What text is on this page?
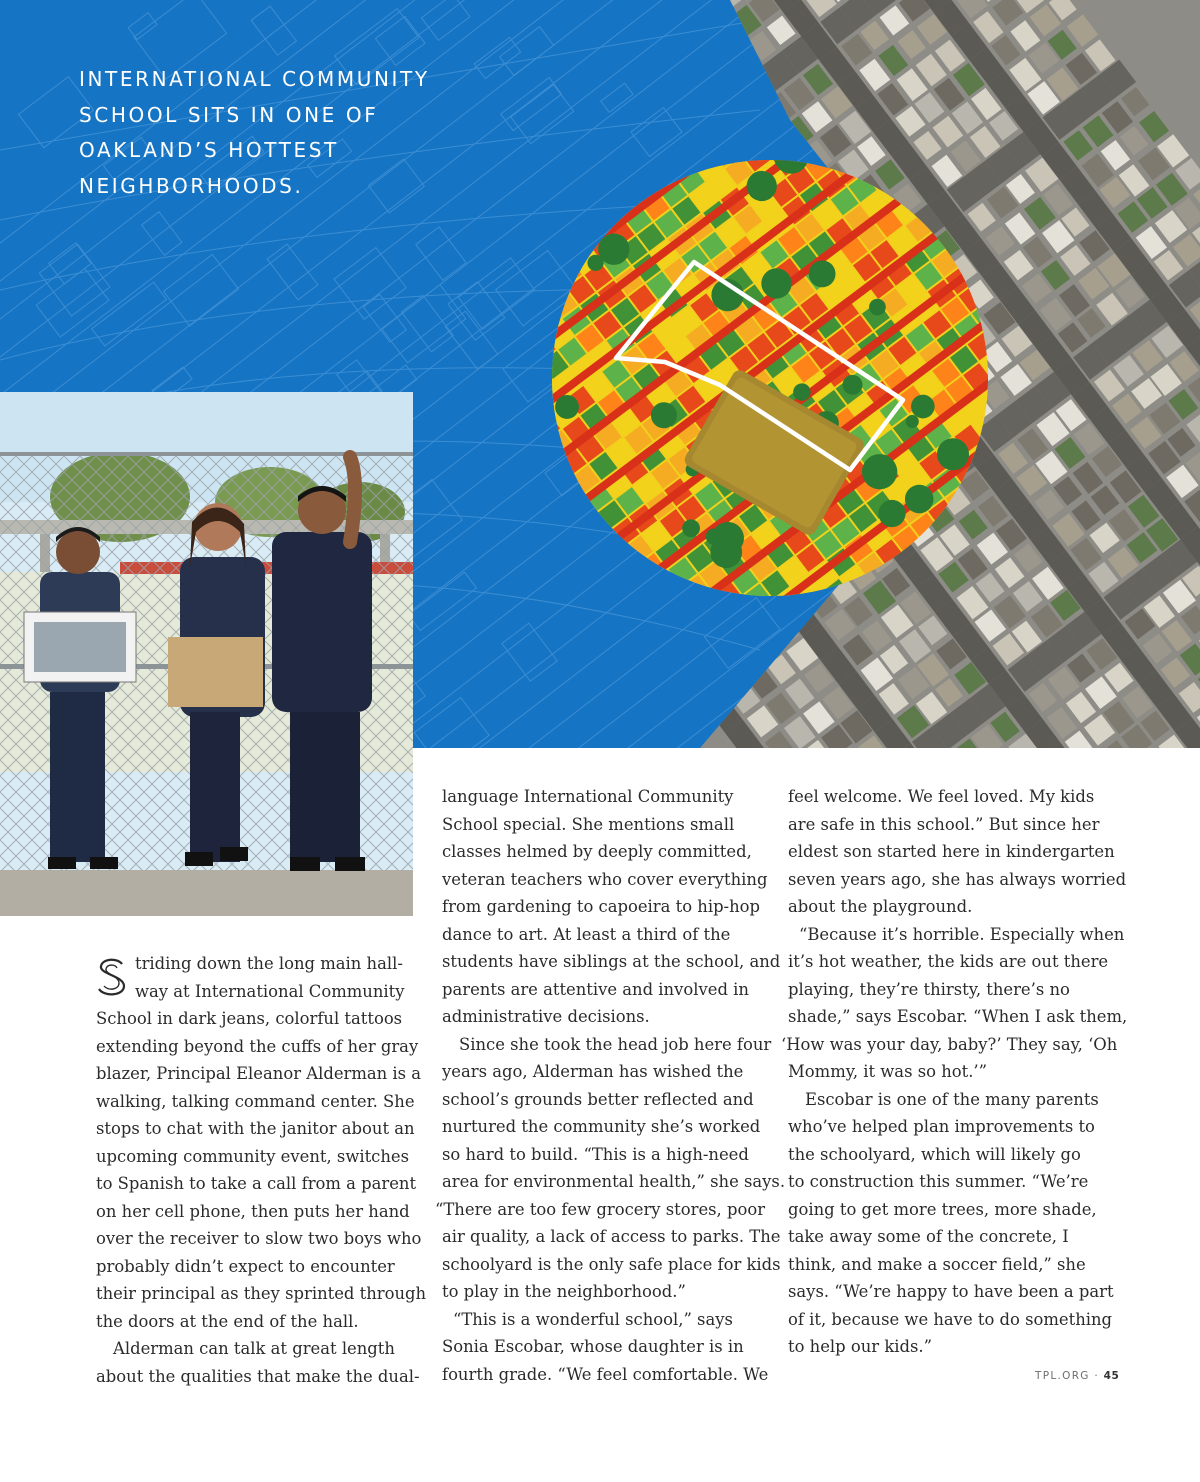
INTERNATIONAL COMMUNITY
SCHOOL SITS IN ONE OF
OAKLAND’S HOTTEST
NEIGHBORHOODS.

triding down the long main hall-
way at International Community
School in dark jeans, colorful tattoos
extending beyond the cuffs of her gray
blazer, Principal Eleanor Alderman is a
walking, talking command center. She
stops to chat with the janitor about an
upcoming community event, switches
to Spanish to take a call from a parent
on her cell phone, then puts her hand
over the receiver to slow two boys who
probably didn’t expect to encounter
their principal as they sprinted through
the doors at the end of the hall.

Alderman can talk at great length
about the qualities that make the dual-

language International Community
School special. She mentions small
classes helmed by deeply committed,
veteran teachers who cover everything
from gardening to capoeira to hip-hop
dance to art. At least a third of the
students have siblings at the school, and
parents are attentive and involved in
administrative decisions.

Since she took the head job here four
years ago, Alderman has wished the
school’s grounds better reflected and
nurtured the community she’s worked
so hard to build. “This is a high-need
area for environmental health,” she says.
“There are too few grocery stores, poor
air quality, a lack of access to parks. The
schoolyard is the only safe place for kids
to play in the neighborhood.”

“This is a wonderful school,” says
Sonia Escobar, whose daughter is in
fourth grade. “We feel comfortable. We

feel welcome. We feel loved. My kids
are safe in this school.” But since her
eldest son started here in kindergarten
seven years ago, she has always worried
about the playground.

“Because it’s horrible. Especially when
it’s hot weather, the kids are out there
playing, they’re thirsty, there’s no
shade,” says Escobar. “When I ask them,
‘How was your day, baby?’ They say, ‘Oh
Mommy, it was so hot.’”

Escobar is one of the many parents
who’ve helped plan improvements to
the schoolyard, which will likely go
to construction this summer. “We’re
going to get more trees, more shade,
take away some of the concrete, I
think, and make a soccer field,” she
says. “We’re happy to have been a part
of it, because we have to do something
to help our kids.”

TPL.ORG · 45
